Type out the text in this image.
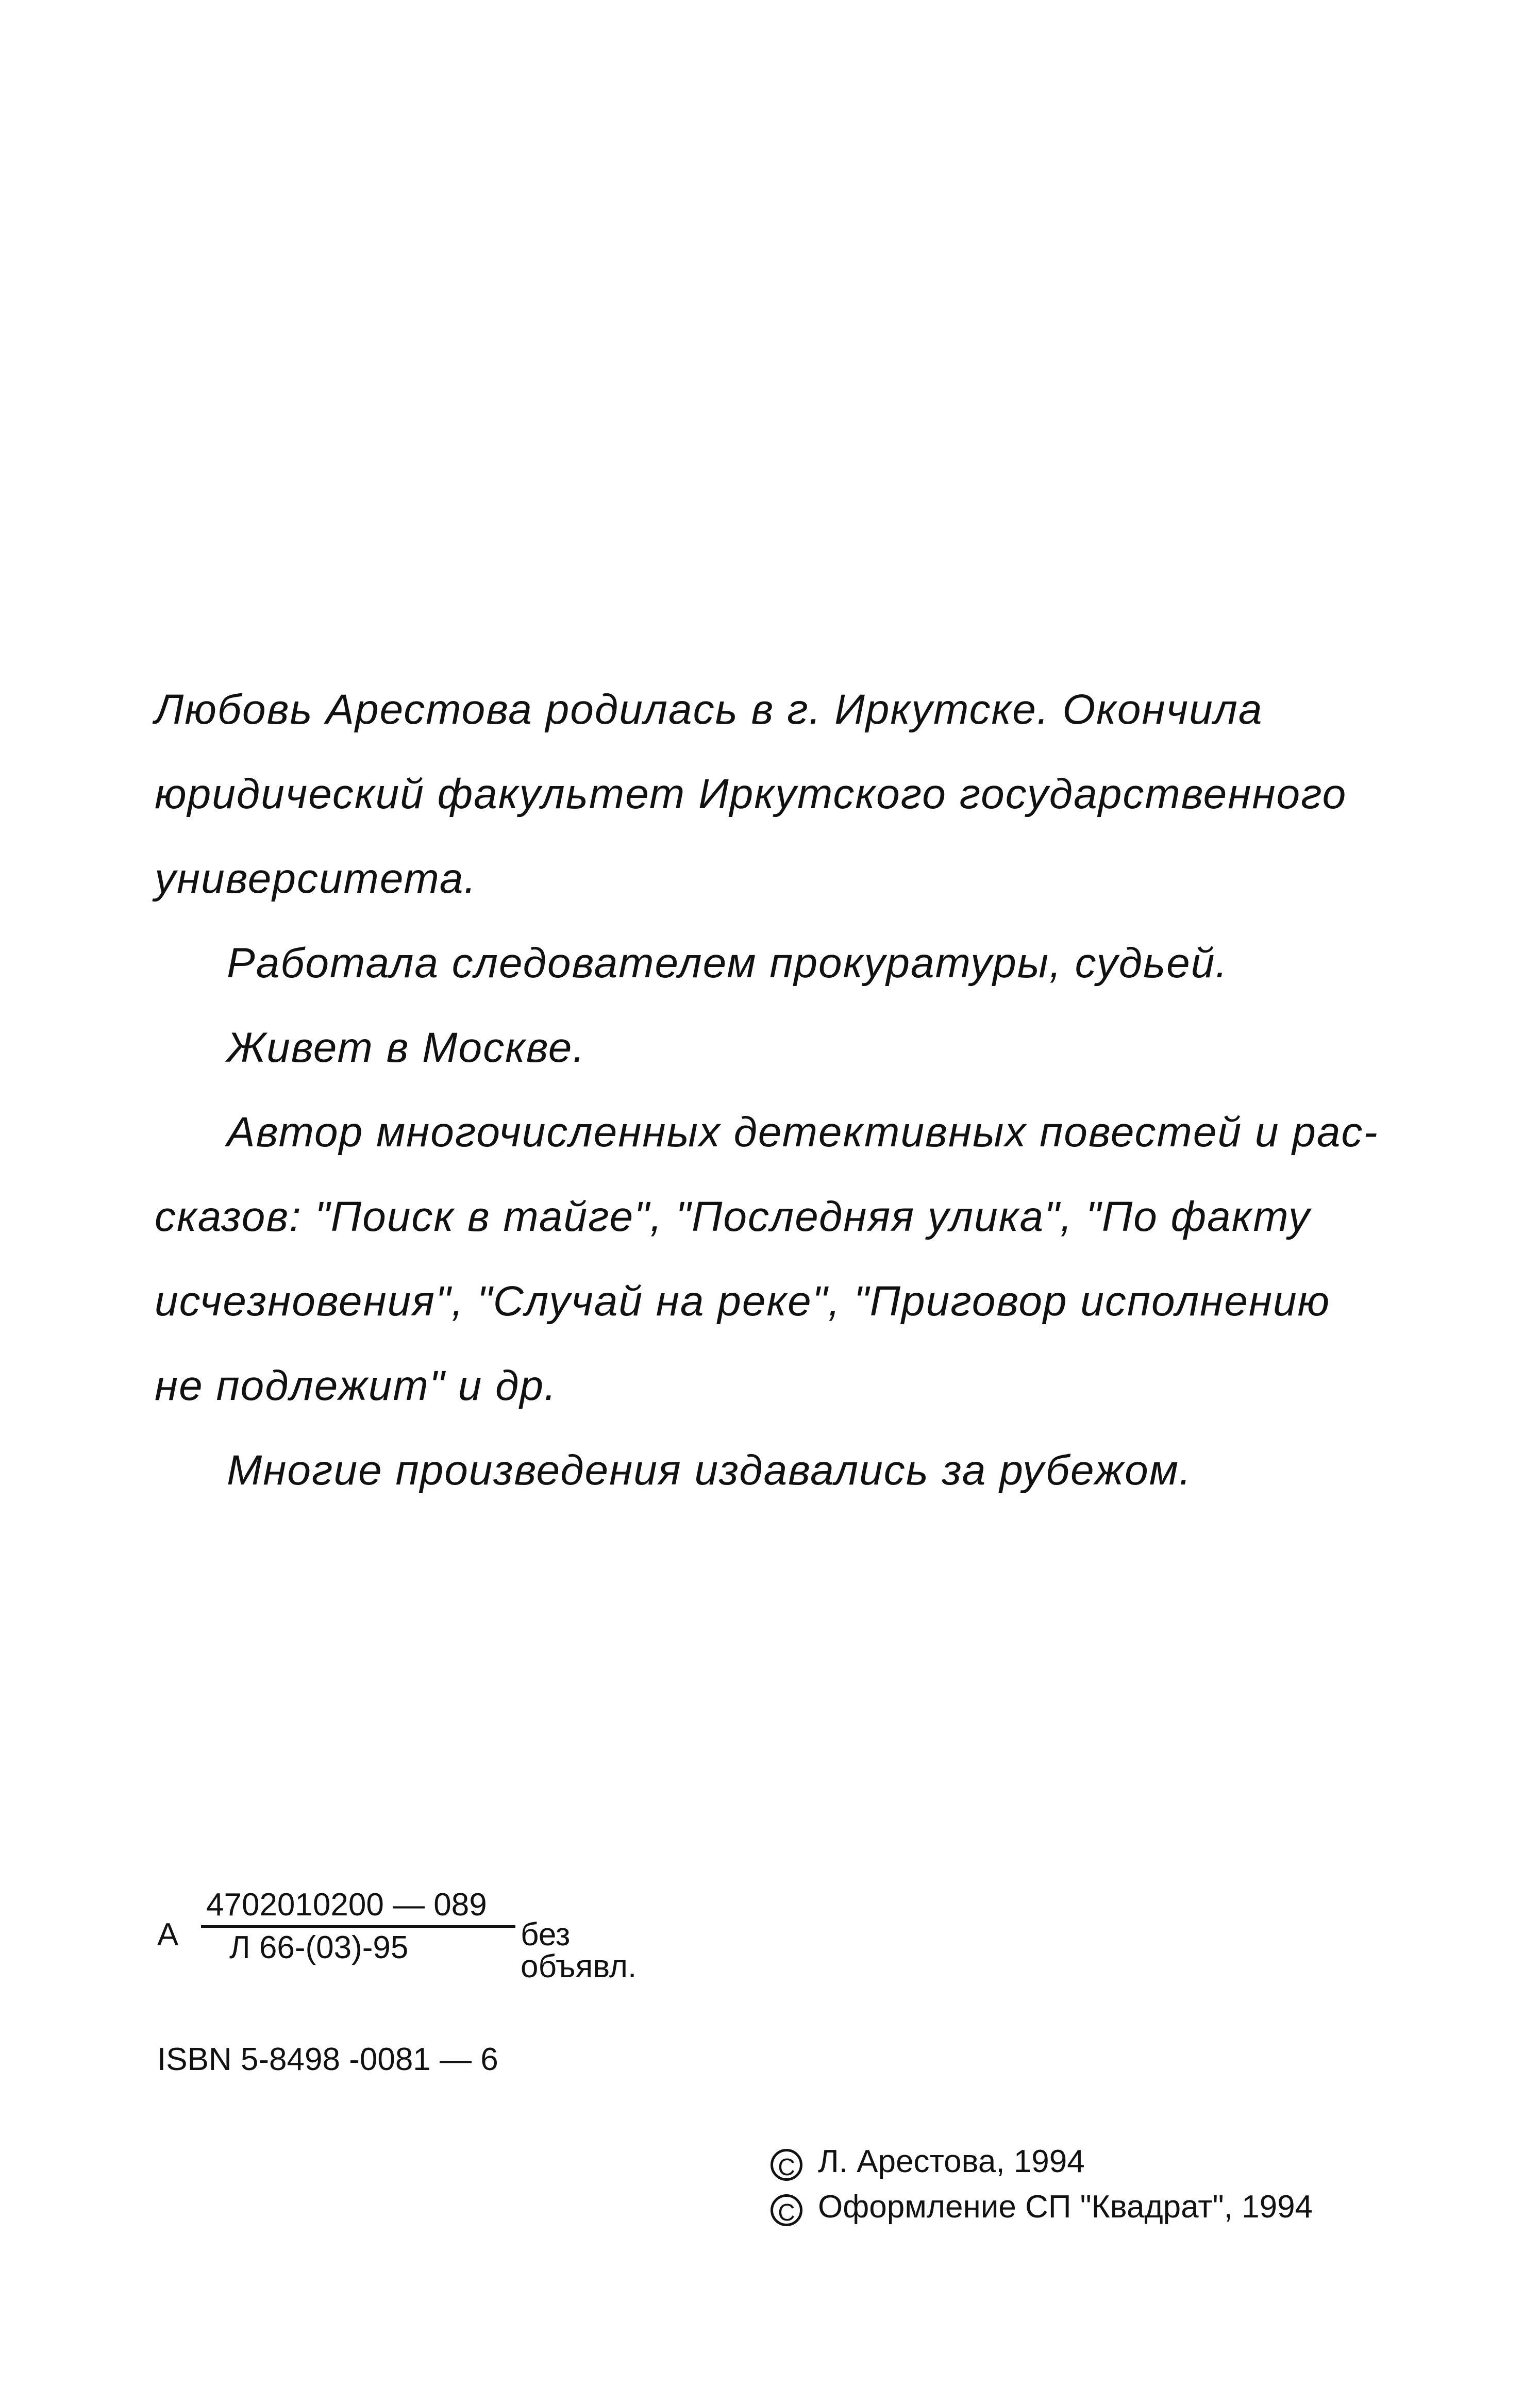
Любовь Арестова родилась в г. Иркутске. Окончила
юридический факультет Иркутского государственного
университета.
Работала следователем прокуратуры, судьей.
Живет в Москве.
Автор многочисленных детективных повестей и рас-
сказов: "Поиск в тайге", "Последняя улика", "По факту
исчезновения", "Случай на реке", "Приговор исполнению
не подлежит" и др.
Многие произведения издавались за рубежом.
А
4702010200 — 089
Л 66-(03)-95	без объявл.
ISBN 5-8498 -0081 — 6
C Л. Арестова, 1994
C Оформление СП "Квадрат", 1994
